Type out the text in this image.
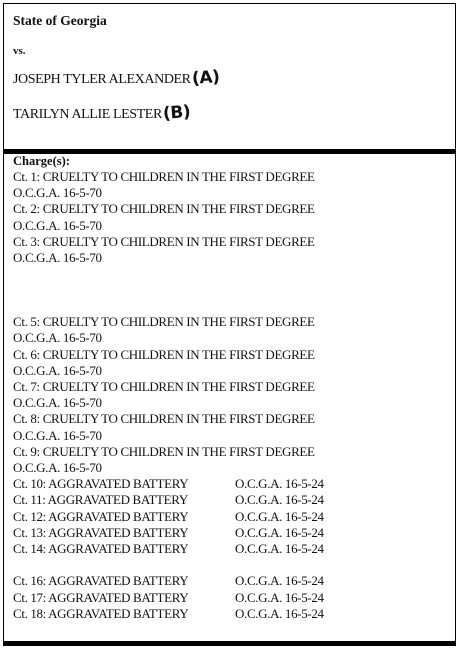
State of Georgia
vs.
JOSEPH TYLER ALEXANDER(A)
TARILYN ALLIE LESTER(B)
Charge(s):
Ct. 1: CRUELTY TO CHILDREN IN THE FIRST DEGREE
O.C.G.A. 16-5-70
Ct. 2: CRUELTY TO CHILDREN IN THE FIRST DEGREE
O.C.G.A. 16-5-70
Ct. 3: CRUELTY TO CHILDREN IN THE FIRST DEGREE
O.C.G.A. 16-5-70
Ct. 5: CRUELTY TO CHILDREN IN THE FIRST DEGREE
O.C.G.A. 16-5-70
Ct. 6: CRUELTY TO CHILDREN IN THE FIRST DEGREE
O.C.G.A. 16-5-70
Ct. 7: CRUELTY TO CHILDREN IN THE FIRST DEGREE
O.C.G.A. 16-5-70
Ct. 8: CRUELTY TO CHILDREN IN THE FIRST DEGREE
O.C.G.A. 16-5-70
Ct. 9: CRUELTY TO CHILDREN IN THE FIRST DEGREE
O.C.G.A. 16-5-70
Ct. 10: AGGRAVATED BATTERY	O.C.G.A. 16-5-24
Ct. 11: AGGRAVATED BATTERY	O.C.G.A. 16-5-24
Ct. 12: AGGRAVATED BATTERY	O.C.G.A. 16-5-24
Ct. 13: AGGRAVATED BATTERY	O.C.G.A. 16-5-24
Ct. 14: AGGRAVATED BATTERY	O.C.G.A. 16-5-24
Ct. 16: AGGRAVATED BATTERY	O.C.G.A. 16-5-24
Ct. 17: AGGRAVATED BATTERY	O.C.G.A. 16-5-24
Ct. 18: AGGRAVATED BATTERY	O.C.G.A. 16-5-24
